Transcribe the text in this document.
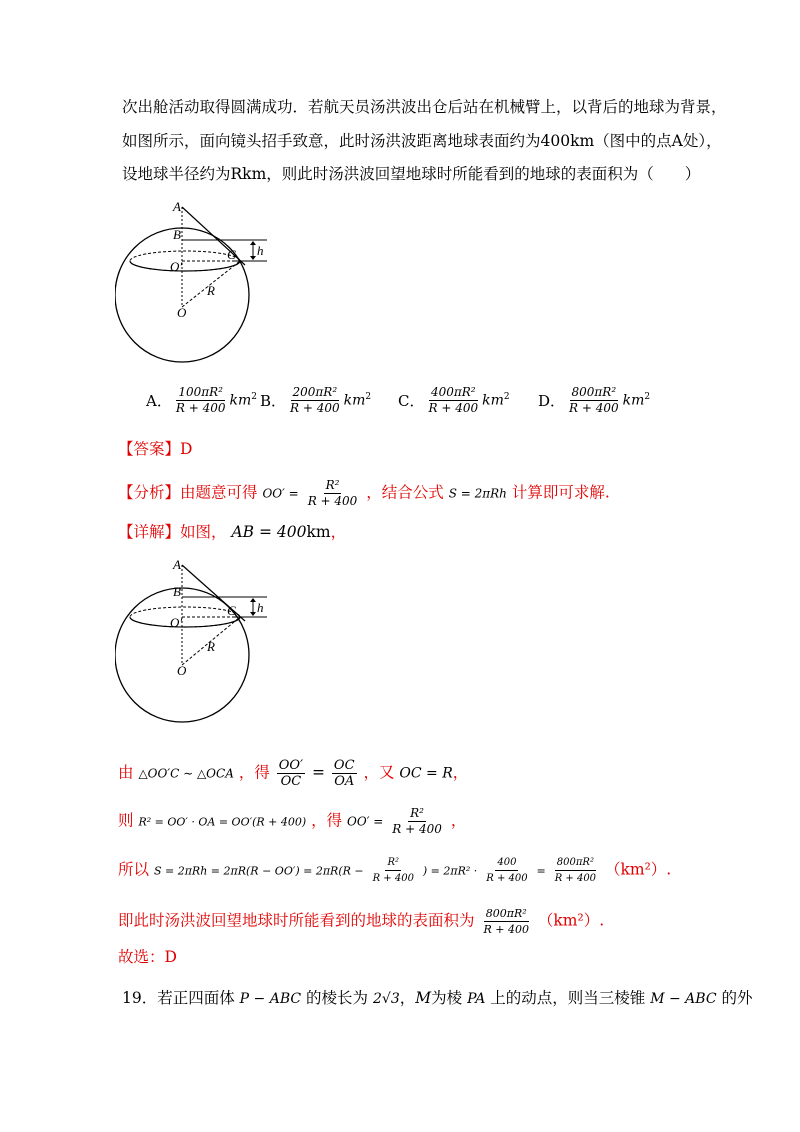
次出舱活动取得圆满成功．若航天员汤洪波出仓后站在机械臂上，以背后的地球为背景，
如图所示，面向镜头招手致意，此时汤洪波距离地球表面约为400km（图中的点A处），
设地球半径约为Rkm，则此时汤洪波回望地球时所能看到的地球的表面积为（　　）
A
B
C
O′
O
R
h
A． $\frac{\text{100πR²}}{R + 400} km^2$ B． $\frac{\text{200πR²}}{R + 400} km^2$ C． $\frac{\text{400πR²}}{R + 400} km^2$ D． $\frac{\text{800πR²}}{R + 400} km^2$
【答案】D
【分析】由题意可得 $OO' = \frac{\text{R²}}{R + 400}$ ，结合公式 S = 2πRh 计算即可求解.
【详解】如图， AB = 400km，
A
B
C
O′
O
R
h
由 △OO′C ∼ △OCA ，得 $\frac{OO'}{OC} = \frac{OC}{OA}$ ，又 OC = R，
则 R² = OO′ · OA = OO′(R + 400) ，得 $OO' = \frac{\text{R²}}{R + 400}$ ，
所以 $S = 2\pi Rh = 2\pi R(R - OO') = 2\pi R(R - \frac{\text{R²}}{R + 400}$ ) = $2\pi R^2 \cdot \frac{400}{R + 400} = \frac{\text{800πR²}}{R + 400} (km^2)$.
即此时汤洪波回望地球时所能看到的地球的表面积为 $\frac{\text{800πR²}}{R + 400} (km^2)$.
故选：D
19．若正四面体 P − ABC 的棱长为 2√3，M为棱 PA 上的动点，则当三棱锥 M − ABC 的外
